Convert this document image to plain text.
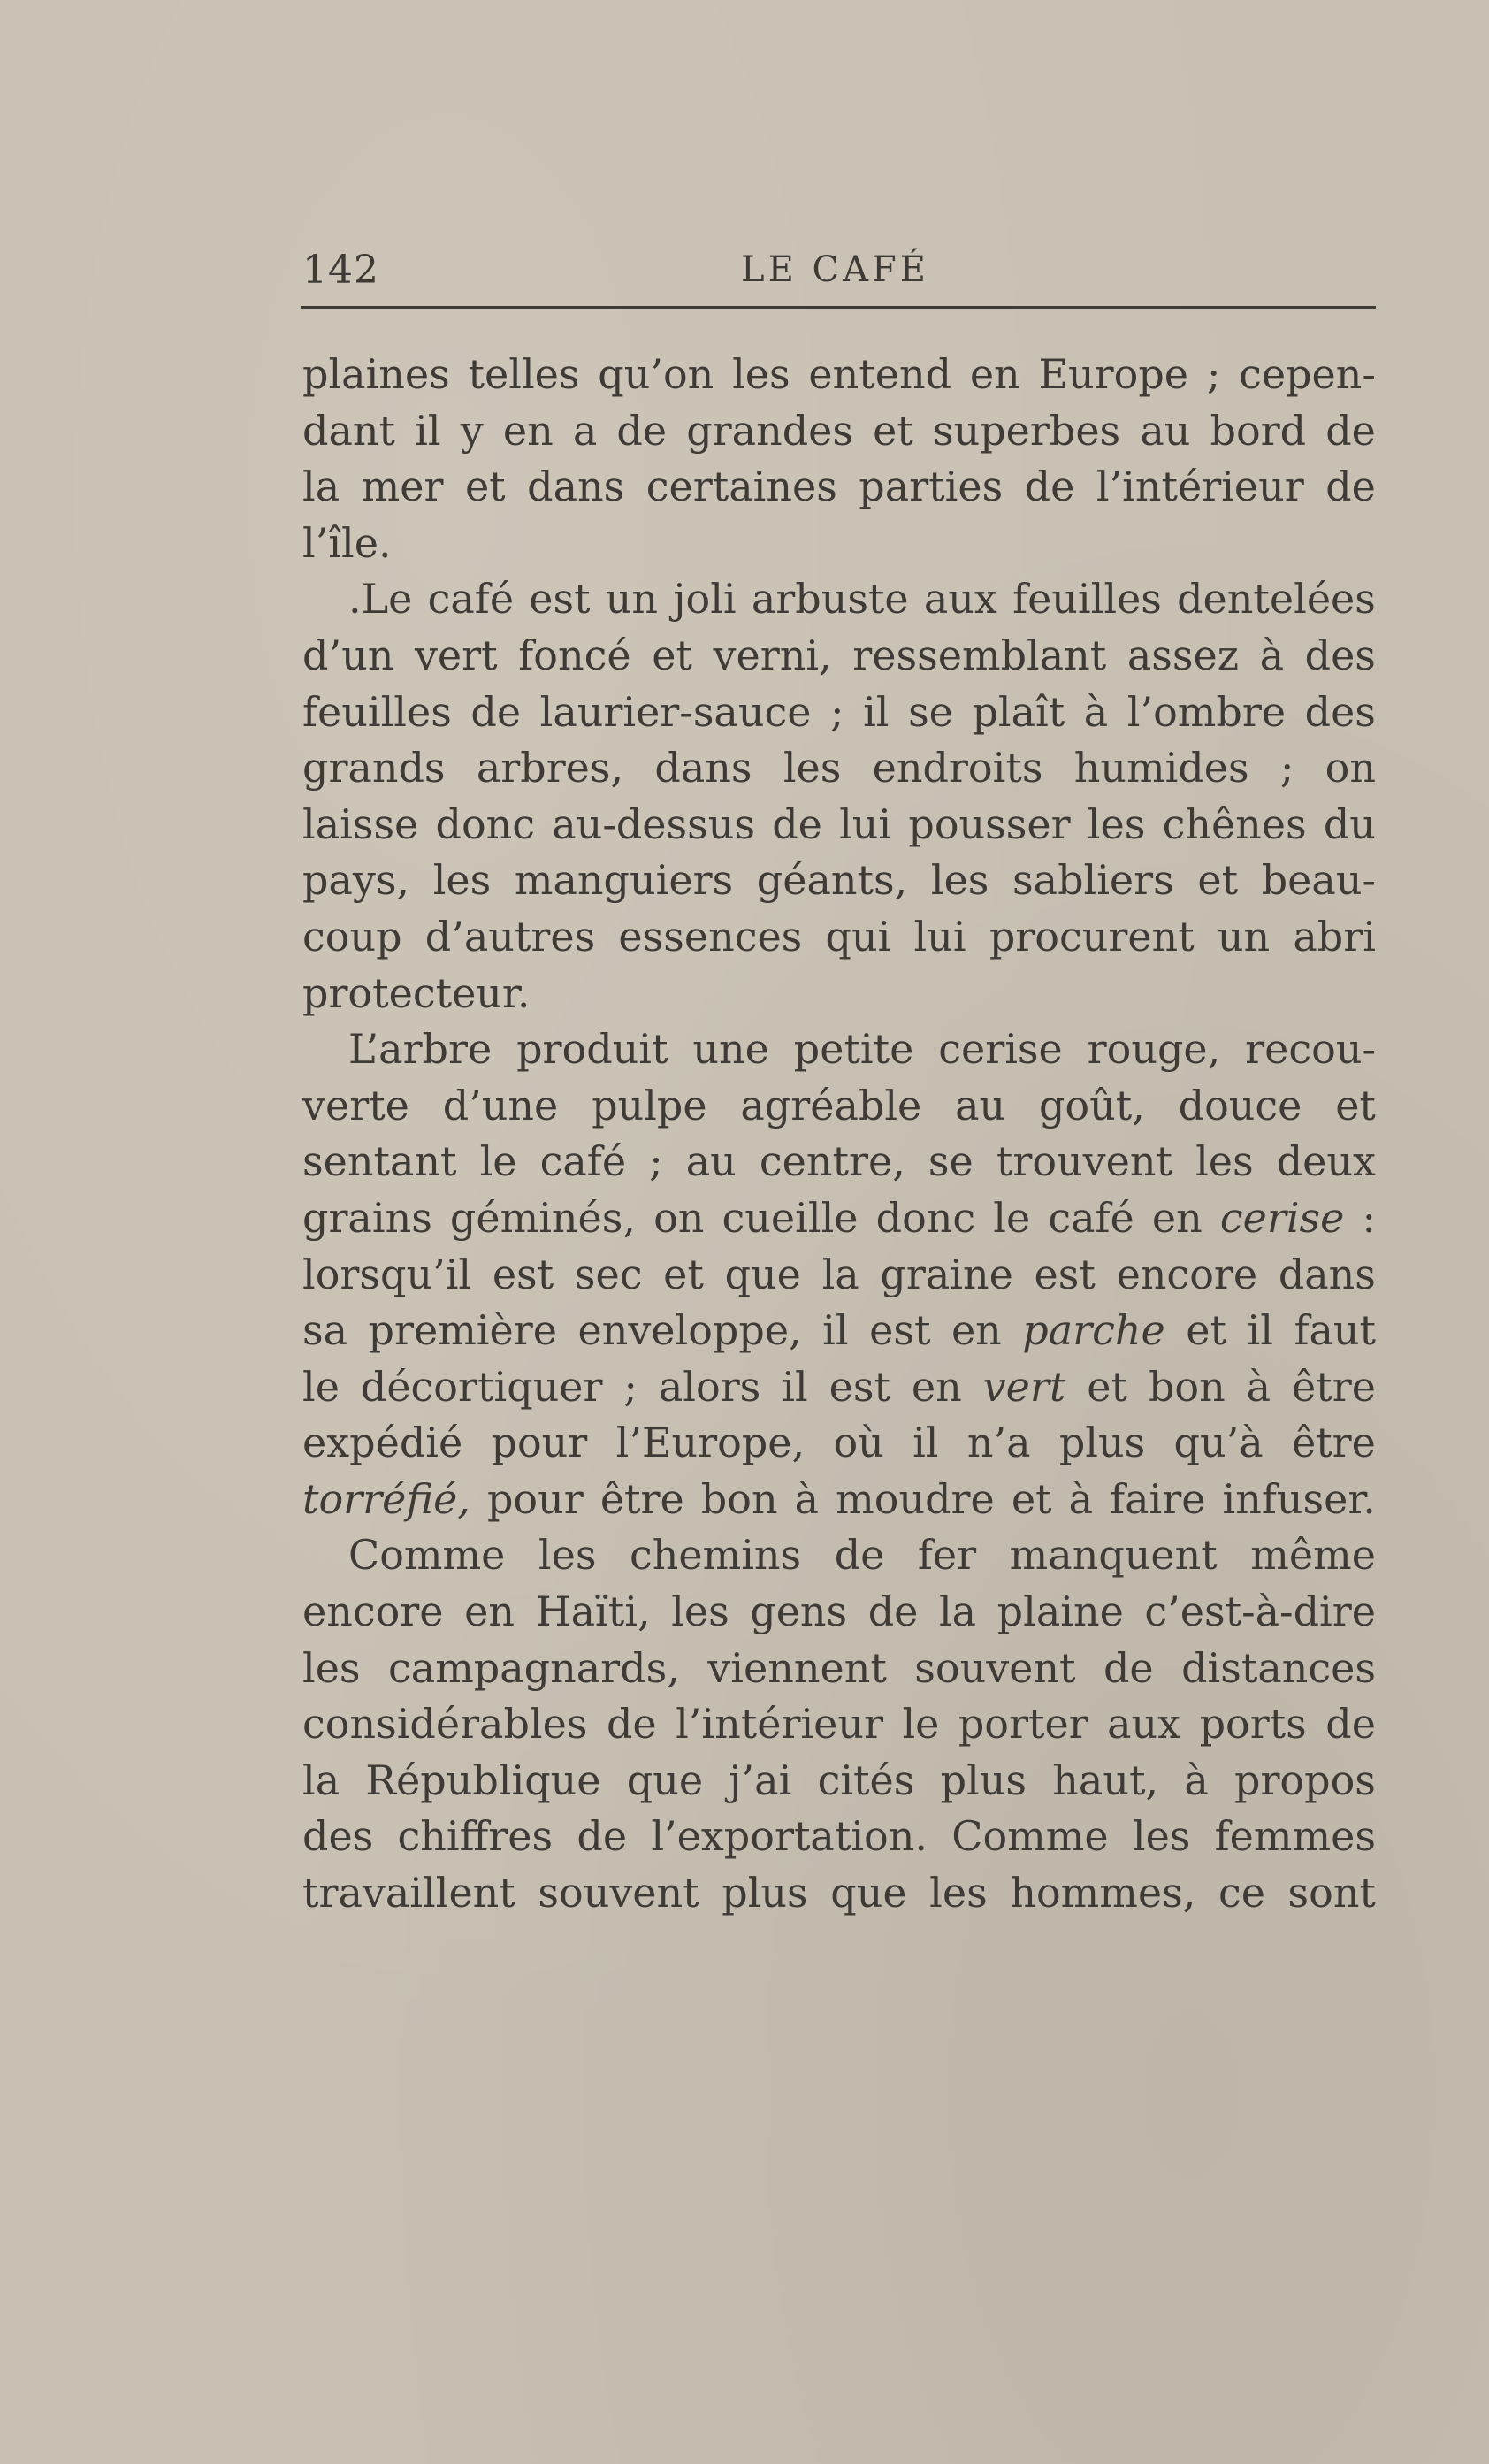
142	LE CAFÉ
plaines telles qu’on les entend en Europe ; cepen-
dant il y en a de grandes et superbes au bord de
la mer et dans certaines parties de l’intérieur de
l’île.
.Le café est un joli arbuste aux feuilles dentelées
d’un vert foncé et verni, ressemblant assez à des
feuilles de laurier-sauce ; il se plaît à l’ombre des
grands arbres, dans les endroits humides ; on
laisse donc au-dessus de lui pousser les chênes du
pays, les manguiers géants, les sabliers et beau-
coup d’autres essences qui lui procurent un abri
protecteur.
L’arbre produit une petite cerise rouge, recou-
verte d’une pulpe agréable au goût, douce et
sentant le café ; au centre, se trouvent les deux
grains géminés, on cueille donc le café en cerise :
lorsqu’il est sec et que la graine est encore dans
sa première enveloppe, il est en parche et il faut
le décortiquer ; alors il est en vert et bon à être
expédié pour l’Europe, où il n’a plus qu’à être
torréfié, pour être bon à moudre et à faire infuser.
Comme les chemins de fer manquent même
encore en Haïti, les gens de la plaine c’est-à-dire
les campagnards, viennent souvent de distances
considérables de l’intérieur le porter aux ports de
la République que j’ai cités plus haut, à propos
des chiffres de l’exportation. Comme les femmes
travaillent souvent plus que les hommes, ce sont
